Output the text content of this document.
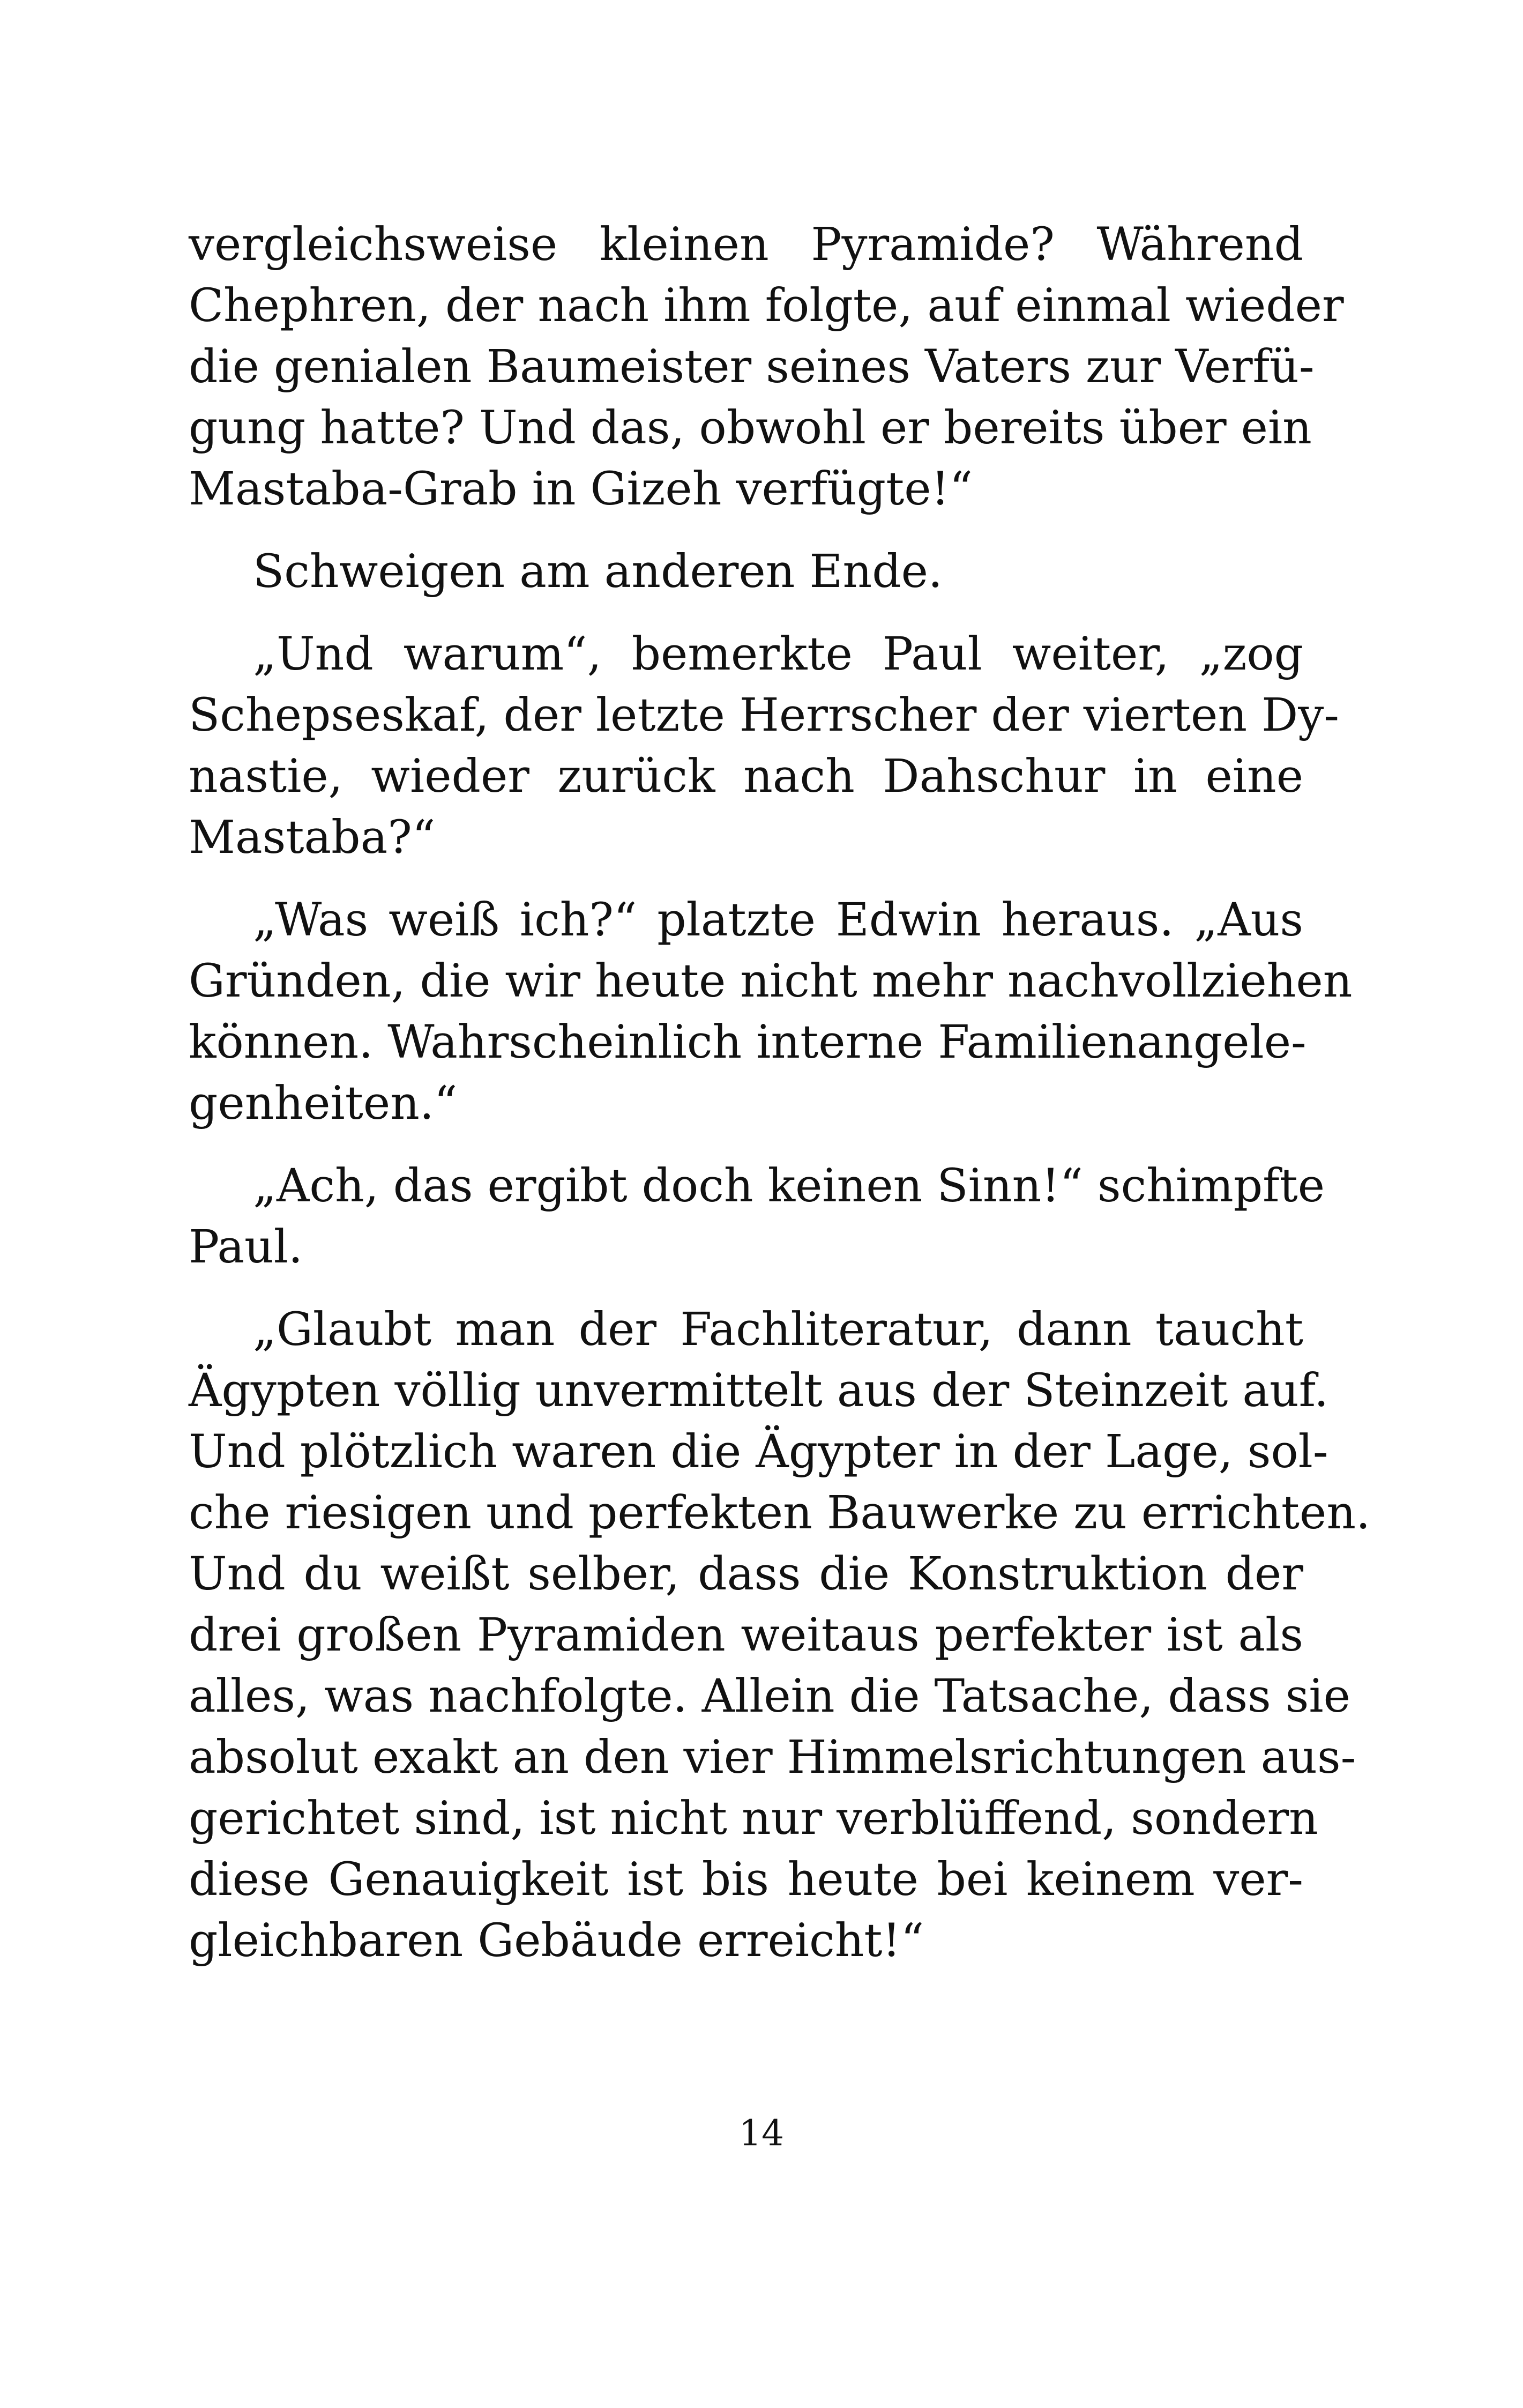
vergleichsweise kleinen Pyramide? Während
Chephren, der nach ihm folgte, auf einmal wieder
die genialen Baumeister seines Vaters zur Verfü-
gung hatte? Und das, obwohl er bereits über ein
Mastaba-Grab in Gizeh verfügte!“
Schweigen am anderen Ende.
„Und warum“, bemerkte Paul weiter, „zog
Schepseskaf, der letzte Herrscher der vierten Dy-
nastie, wieder zurück nach Dahschur in eine
Mastaba?“
„Was weiß ich?“ platzte Edwin heraus. „Aus
Gründen, die wir heute nicht mehr nachvollziehen
können. Wahrscheinlich interne Familienangele-
genheiten.“
„Ach, das ergibt doch keinen Sinn!“ schimpfte
Paul.
„Glaubt man der Fachliteratur, dann taucht
Ägypten völlig unvermittelt aus der Steinzeit auf.
Und plötzlich waren die Ägypter in der Lage, sol-
che riesigen und perfekten Bauwerke zu errichten.
Und du weißt selber, dass die Konstruktion der
drei großen Pyramiden weitaus perfekter ist als
alles, was nachfolgte. Allein die Tatsache, dass sie
absolut exakt an den vier Himmelsrichtungen aus-
gerichtet sind, ist nicht nur verblüffend, sondern
diese Genauigkeit ist bis heute bei keinem ver-
gleichbaren Gebäude erreicht!“
14
